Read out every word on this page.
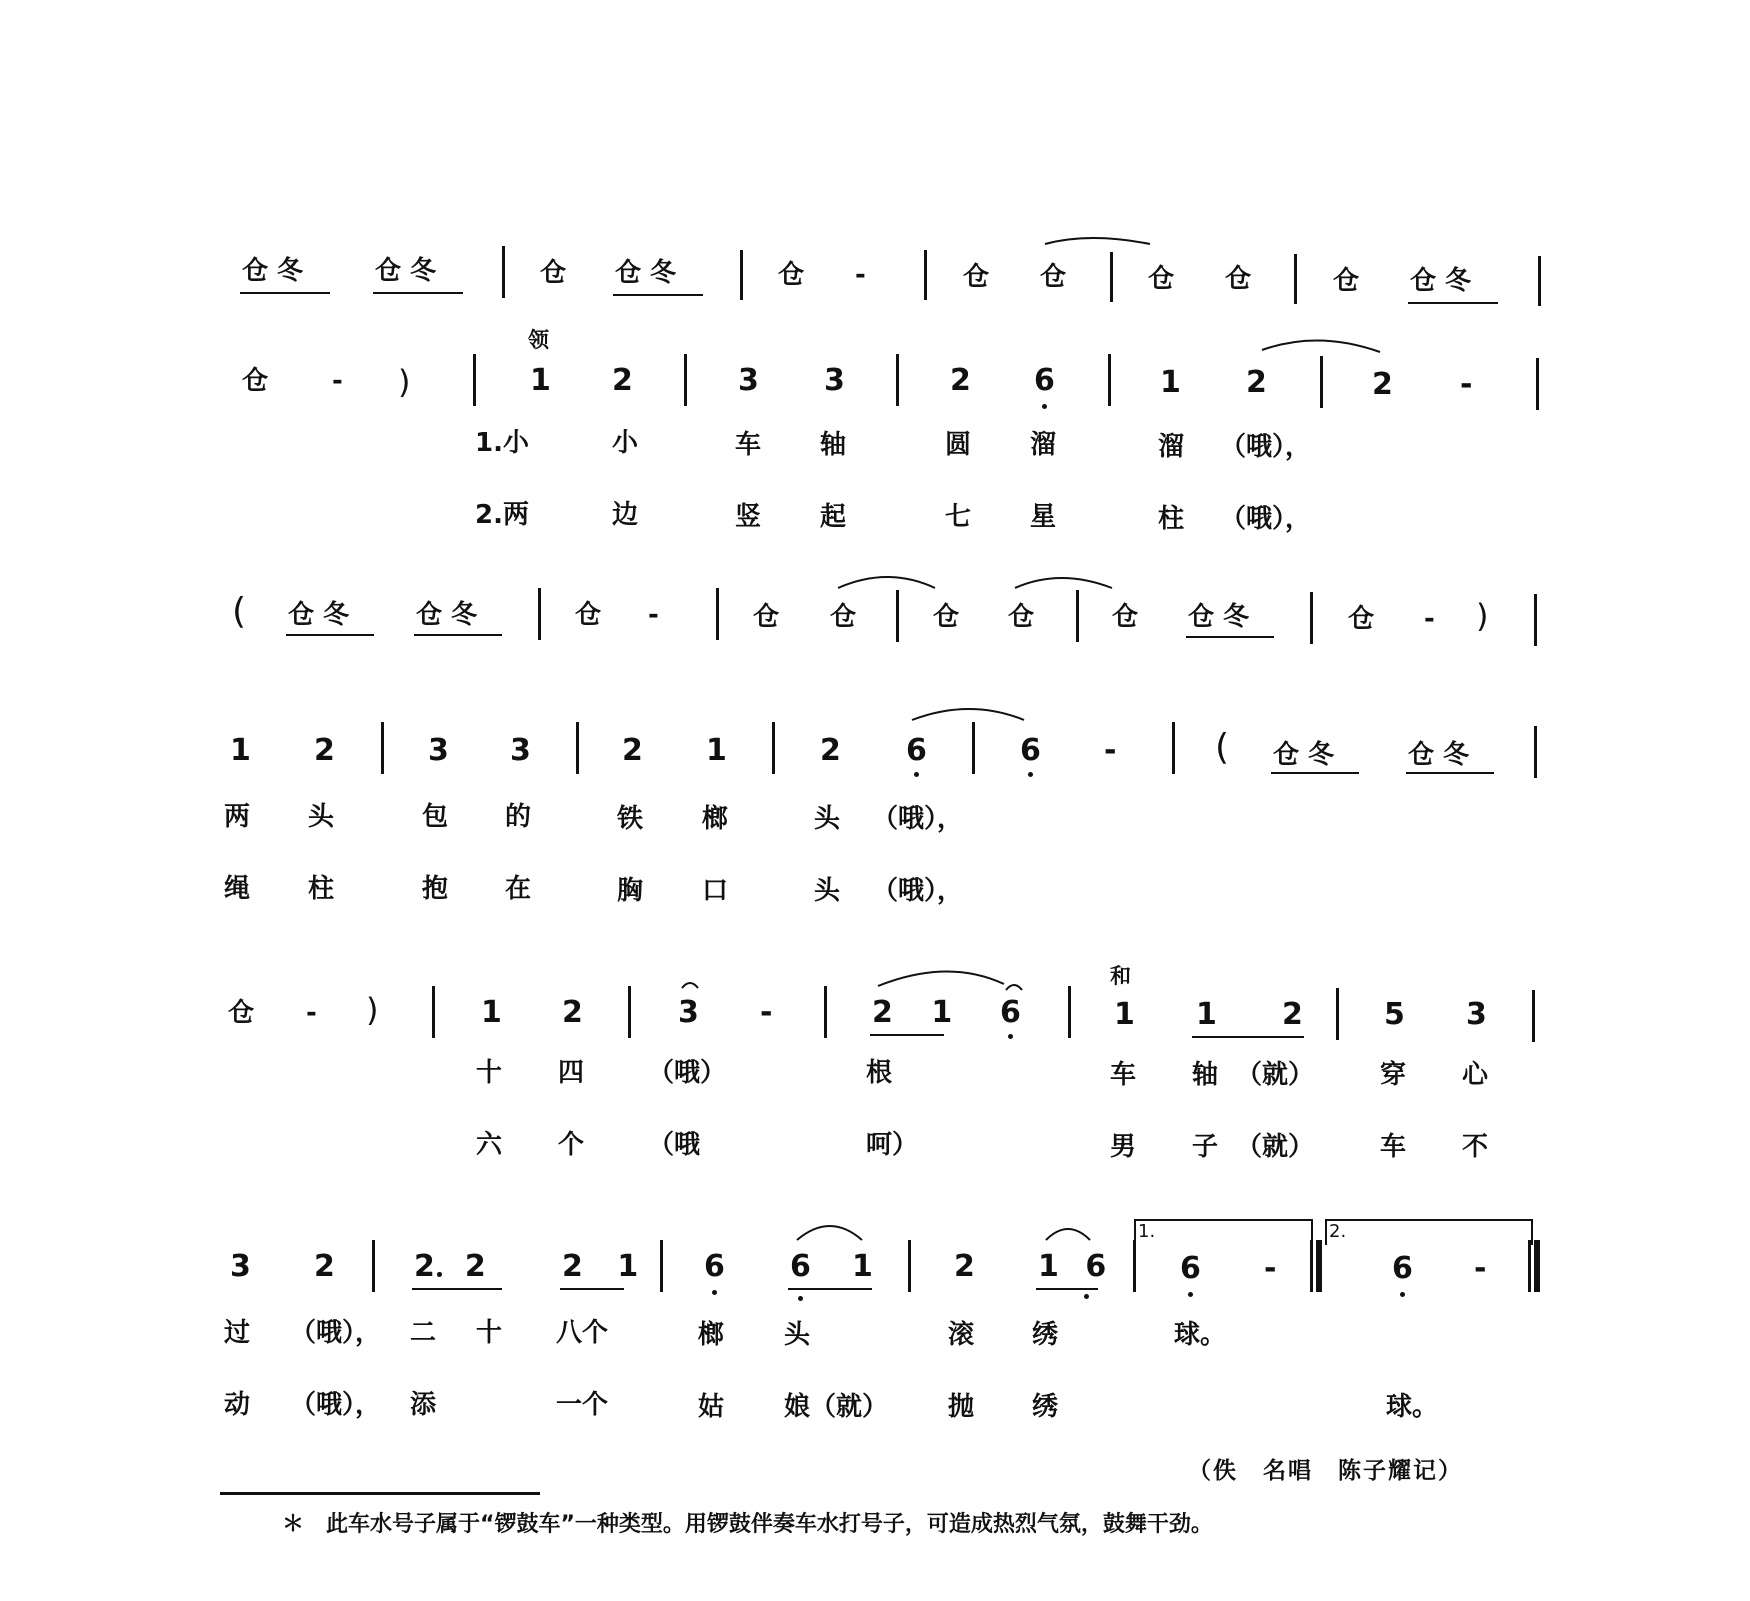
仓 冬	仓 冬	仓 仓 冬	仓 -	仓 仓	仓 仓	仓 仓 冬
仓 - )
领
1 2	3 3	2 6	1 2	2 -
1.小	小	车 轴	圆 溜	溜 （哦），
2.两	边	竖 起	七 星	柱 （哦），
( 仓 冬	仓 冬	仓 -	仓 仓	仓 仓	仓 仓 冬	仓 - )
1 2	3 3	2 1	2 6	6 -	( 仓 冬	仓 冬
两 头	包 的	铁 榔	头 （哦），
绳 柱	抱 在	胸 口	头 （哦），
仓 - )	1 2	3 -	2 1 6
和
1 1 2	5 3
十 四 （哦）	根	车 轴 （就）	穿 心
六 个 （哦	呵）	男 子 （就）	车 不
3 2	2．2	2 1 6 6 1	2 1 6
1.
6 -
2.
6 -
过 （哦）， 二 十 八个	榔 头	滚 绣	球。
动 （哦）， 添	一个	姑 娘（就） 抛 绣	球。
（佚　名唱　陈子耀记）
＊　此车水号子属于“锣鼓车”一种类型。用锣鼓伴奏车水打号子，可造成热烈气氛，鼓舞干劲。
